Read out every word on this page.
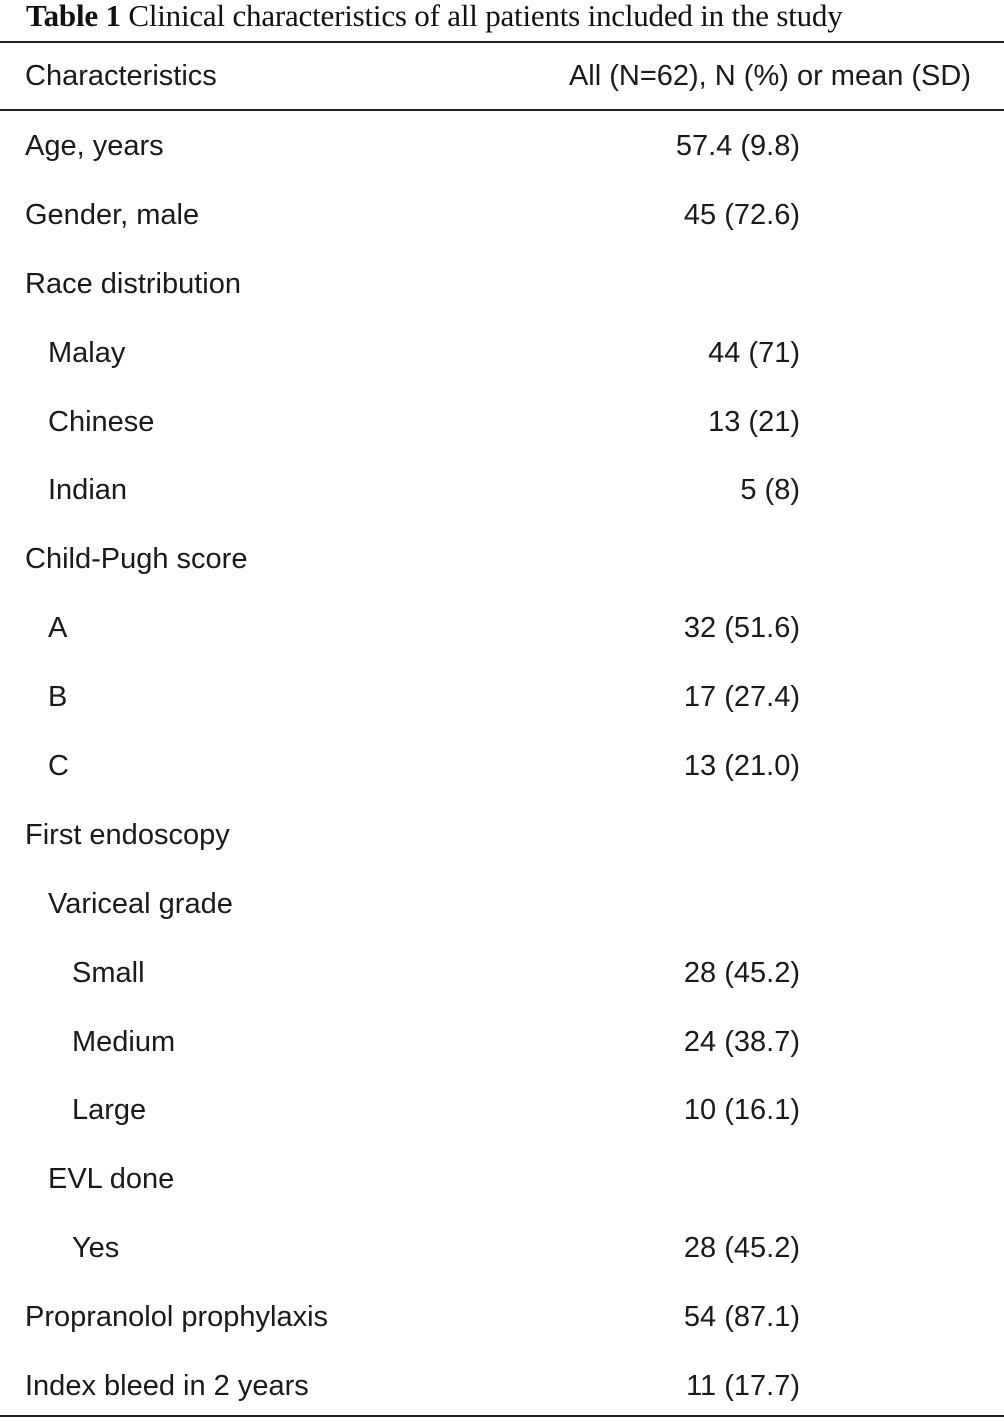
Table 1 Clinical characteristics of all patients included in the study
Characteristics	All (N=62), N (%) or mean (SD)
Age, years	57.4 (9.8)
Gender, male	45 (72.6)
Race distribution
Malay	44 (71)
Chinese	13 (21)
Indian	5 (8)
Child-Pugh score
A	32 (51.6)
B	17 (27.4)
C	13 (21.0)
First endoscopy
Variceal grade
Small	28 (45.2)
Medium	24 (38.7)
Large	10 (16.1)
EVL done
Yes	28 (45.2)
Propranolol prophylaxis	54 (87.1)
Index bleed in 2 years	11 (17.7)
